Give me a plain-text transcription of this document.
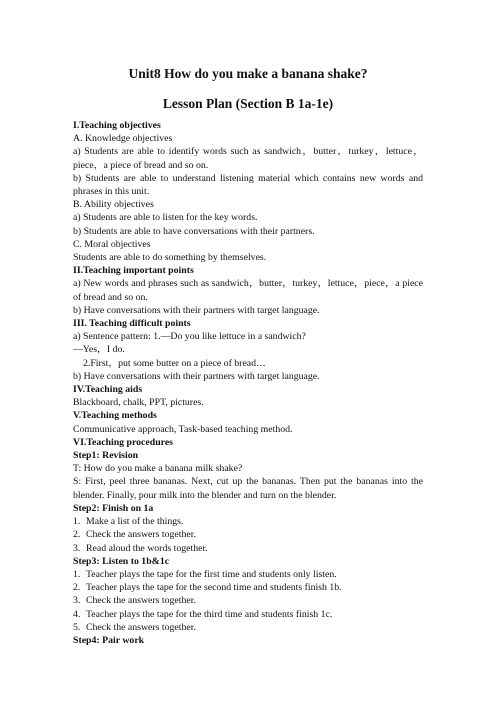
Unit8 How do you make a banana shake?
Lesson Plan (Section B 1a-1e)

I.Teaching objectives

A. Knowledge objectives

a) Students are able to identify words such as sandwich，butter，turkey，lettuce，piece，a piece of bread and so on.

b) Students are able to understand listening material which contains new words and phrases in this unit.

B. Ability objectives

a) Students are able to listen for the key words.

b) Students are able to have conversations with their partners.

C. Moral objectives

Students are able to do something by themselves.

II.Teaching important points

a) New words and phrases such as sandwich，butter，turkey，lettuce，piece，a piece of bread and so on.

b) Have conversations with their partners with target language.

III. Teaching difficult points

a) Sentence pattern: 1.—Do you like lettuce in a sandwich?

—Yes，I do.

2.First，put some butter on a piece of bread…

b) Have conversations with their partners with target language.

IV.Teaching aids

Blackboard, chalk, PPT, pictures.

V.Teaching methods

Communicative approach, Task-based teaching method.

VI.Teaching procedures

Step1: Revision

T: How do you make a banana milk shake?

S: First, peel three bananas. Next, cut up the bananas. Then put the bananas into the blender. Finally, pour milk into the blender and turn on the blender.

Step2: Finish on 1a

1. Make a list of the things.
2. Check the answers together.
3. Read aloud the words together.

Step3: Listen to 1b&1c

1. Teacher plays the tape for the first time and students only listen.
2. Teacher plays the tape for the second time and students finish 1b.
3. Check the answers together.
4. Teacher plays the tape for the third time and students finish 1c.
5. Check the answers together.

Step4: Pair work
